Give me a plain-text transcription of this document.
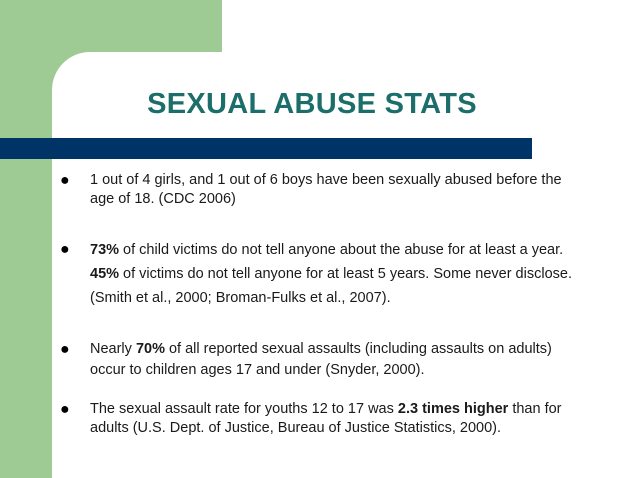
SEXUAL ABUSE STATS
● 1 out of 4 girls, and 1 out of 6 boys have been sexually abused before the
age of 18. (CDC 2006)
● 73% of child victims do not tell anyone about the abuse for at least a year.
45% of victims do not tell anyone for at least 5 years. Some never disclose.
(Smith et al., 2000; Broman-Fulks et al., 2007).
● Nearly 70% of all reported sexual assaults (including assaults on adults)
occur to children ages 17 and under (Snyder, 2000).
● The sexual assault rate for youths 12 to 17 was 2.3 times higher than for
adults (U.S. Dept. of Justice, Bureau of Justice Statistics, 2000).
